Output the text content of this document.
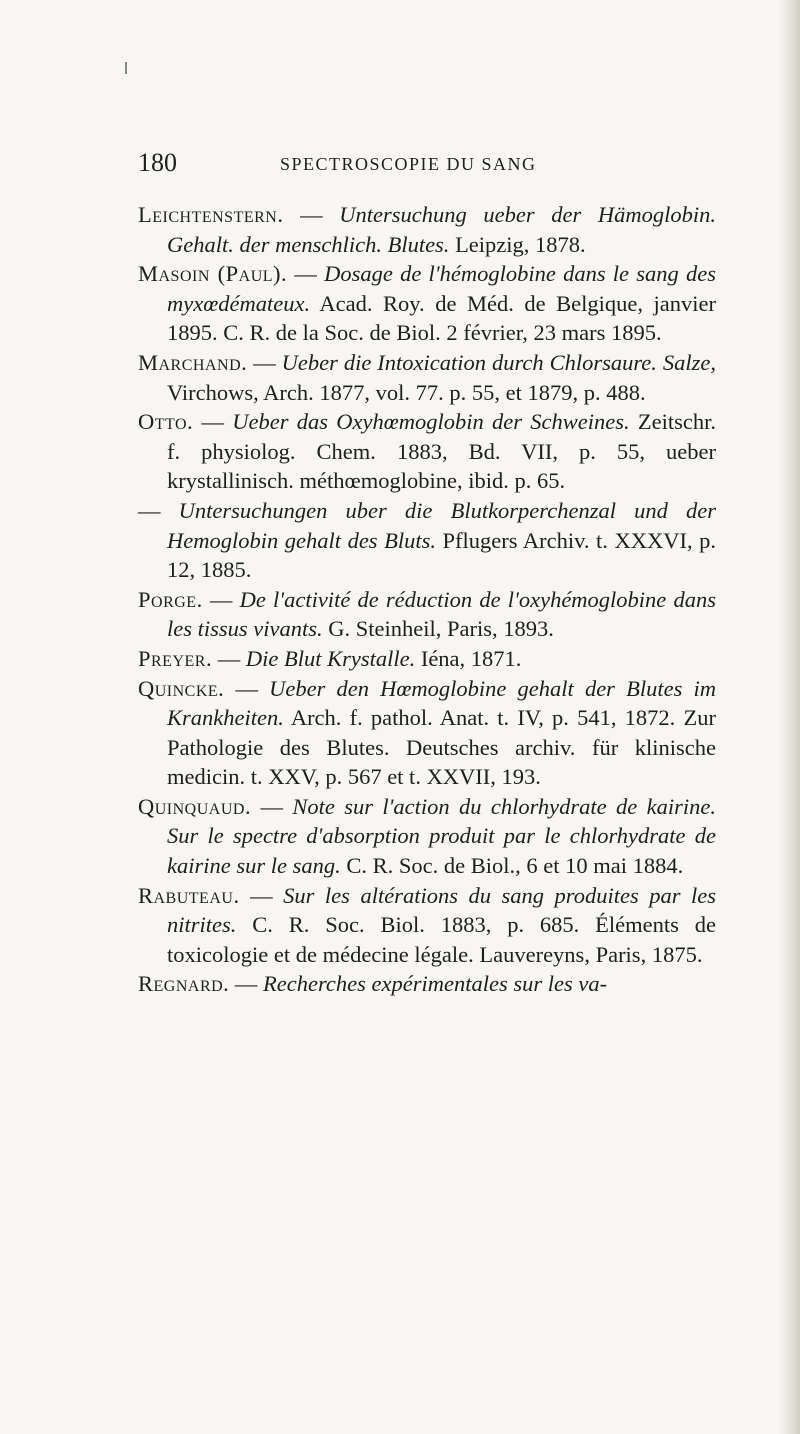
180	SPECTROSCOPIE DU SANG

Leichtenstern. — Untersuchung ueber der Hämoglobin. Gehalt. der menschlich. Blutes. Leipzig, 1878.

Masoin (Paul). — Dosage de l'hémoglobine dans le sang des myxœdémateux. Acad. Roy. de Méd. de Belgique, janvier 1895. C. R. de la Soc. de Biol. 2 février, 23 mars 1895.

Marchand. — Ueber die Intoxication durch Chlorsaure. Salze, Virchows, Arch. 1877, vol. 77. p. 55, et 1879, p. 488.

Otto. — Ueber das Oxyhœmoglobin der Schweines. Zeitschr. f. physiolog. Chem. 1883, Bd. VII, p. 55, ueber krystallinisch. méthœmoglobine, ibid. p. 65.

— Untersuchungen uber die Blutkorperchenzal und der Hemoglobin gehalt des Bluts. Pflugers Archiv. t. XXXVI, p. 12, 1885.

Porge. — De l'activité de réduction de l'oxyhémoglobine dans les tissus vivants. G. Steinheil, Paris, 1893.

Preyer. — Die Blut Krystalle. Iéna, 1871.

Quincke. — Ueber den Hœmoglobine gehalt der Blutes im Krankheiten. Arch. f. pathol. Anat. t. IV, p. 541, 1872. Zur Pathologie des Blutes. Deutsches archiv. für klinische medicin. t. XXV, p. 567 et t. XXVII, 193.

Quinquaud. — Note sur l'action du chlorhydrate de kairine. Sur le spectre d'absorption produit par le chlorhydrate de kairine sur le sang. C. R. Soc. de Biol., 6 et 10 mai 1884.

Rabuteau. — Sur les altérations du sang produites par les nitrites. C. R. Soc. Biol. 1883, p. 685. Éléments de toxicologie et de médecine légale. Lauvereyns, Paris, 1875.

Regnard. — Recherches expérimentales sur les va-
